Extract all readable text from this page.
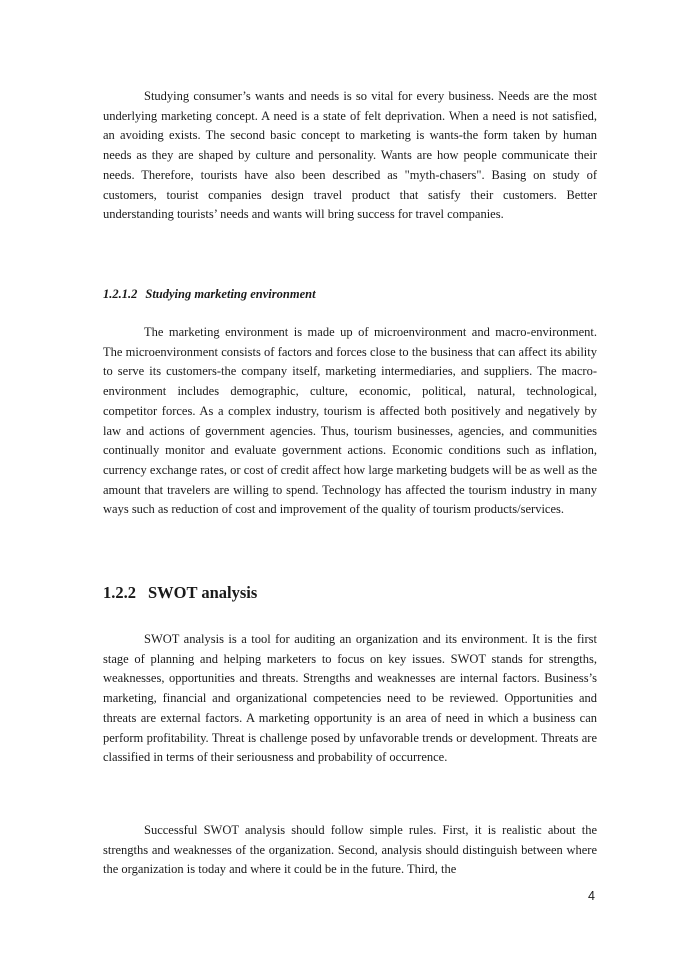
Studying consumer’s wants and needs is so vital for every business. Needs are the most underlying marketing concept. A need is a state of felt deprivation. When a need is not satisfied, an avoiding exists. The second basic concept to marketing is wants-the form taken by human needs as they are shaped by culture and personality. Wants are how people communicate their needs. Therefore, tourists have also been described as "myth-chasers". Basing on study of customers, tourist companies design travel product that satisfy their customers. Better understanding tourists’ needs and wants will bring success for travel companies.

1.2.1.2 Studying marketing environment

The marketing environment is made up of microenvironment and macro-environment. The microenvironment consists of factors and forces close to the business that can affect its ability to serve its customers-the company itself, marketing intermediaries, and suppliers. The macro-environment includes demographic, culture, economic, political, natural, technological, competitor forces. As a complex industry, tourism is affected both positively and negatively by law and actions of government agencies. Thus, tourism businesses, agencies, and communities continually monitor and evaluate government actions. Economic conditions such as inflation, currency exchange rates, or cost of credit affect how large marketing budgets will be as well as the amount that travelers are willing to spend. Technology has affected the tourism industry in many ways such as reduction of cost and improvement of the quality of tourism products/services.

1.2.2 SWOT analysis

SWOT analysis is a tool for auditing an organization and its environment. It is the first stage of planning and helping marketers to focus on key issues. SWOT stands for strengths, weaknesses, opportunities and threats. Strengths and weaknesses are internal factors. Business’s marketing, financial and organizational competencies need to be reviewed. Opportunities and threats are external factors. A marketing opportunity is an area of need in which a business can perform profitability. Threat is challenge posed by unfavorable trends or development. Threats are classified in terms of their seriousness and probability of occurrence.

Successful SWOT analysis should follow simple rules. First, it is realistic about the strengths and weaknesses of the organization. Second, analysis should distinguish between where the organization is today and where it could be in the future. Third, the

4
